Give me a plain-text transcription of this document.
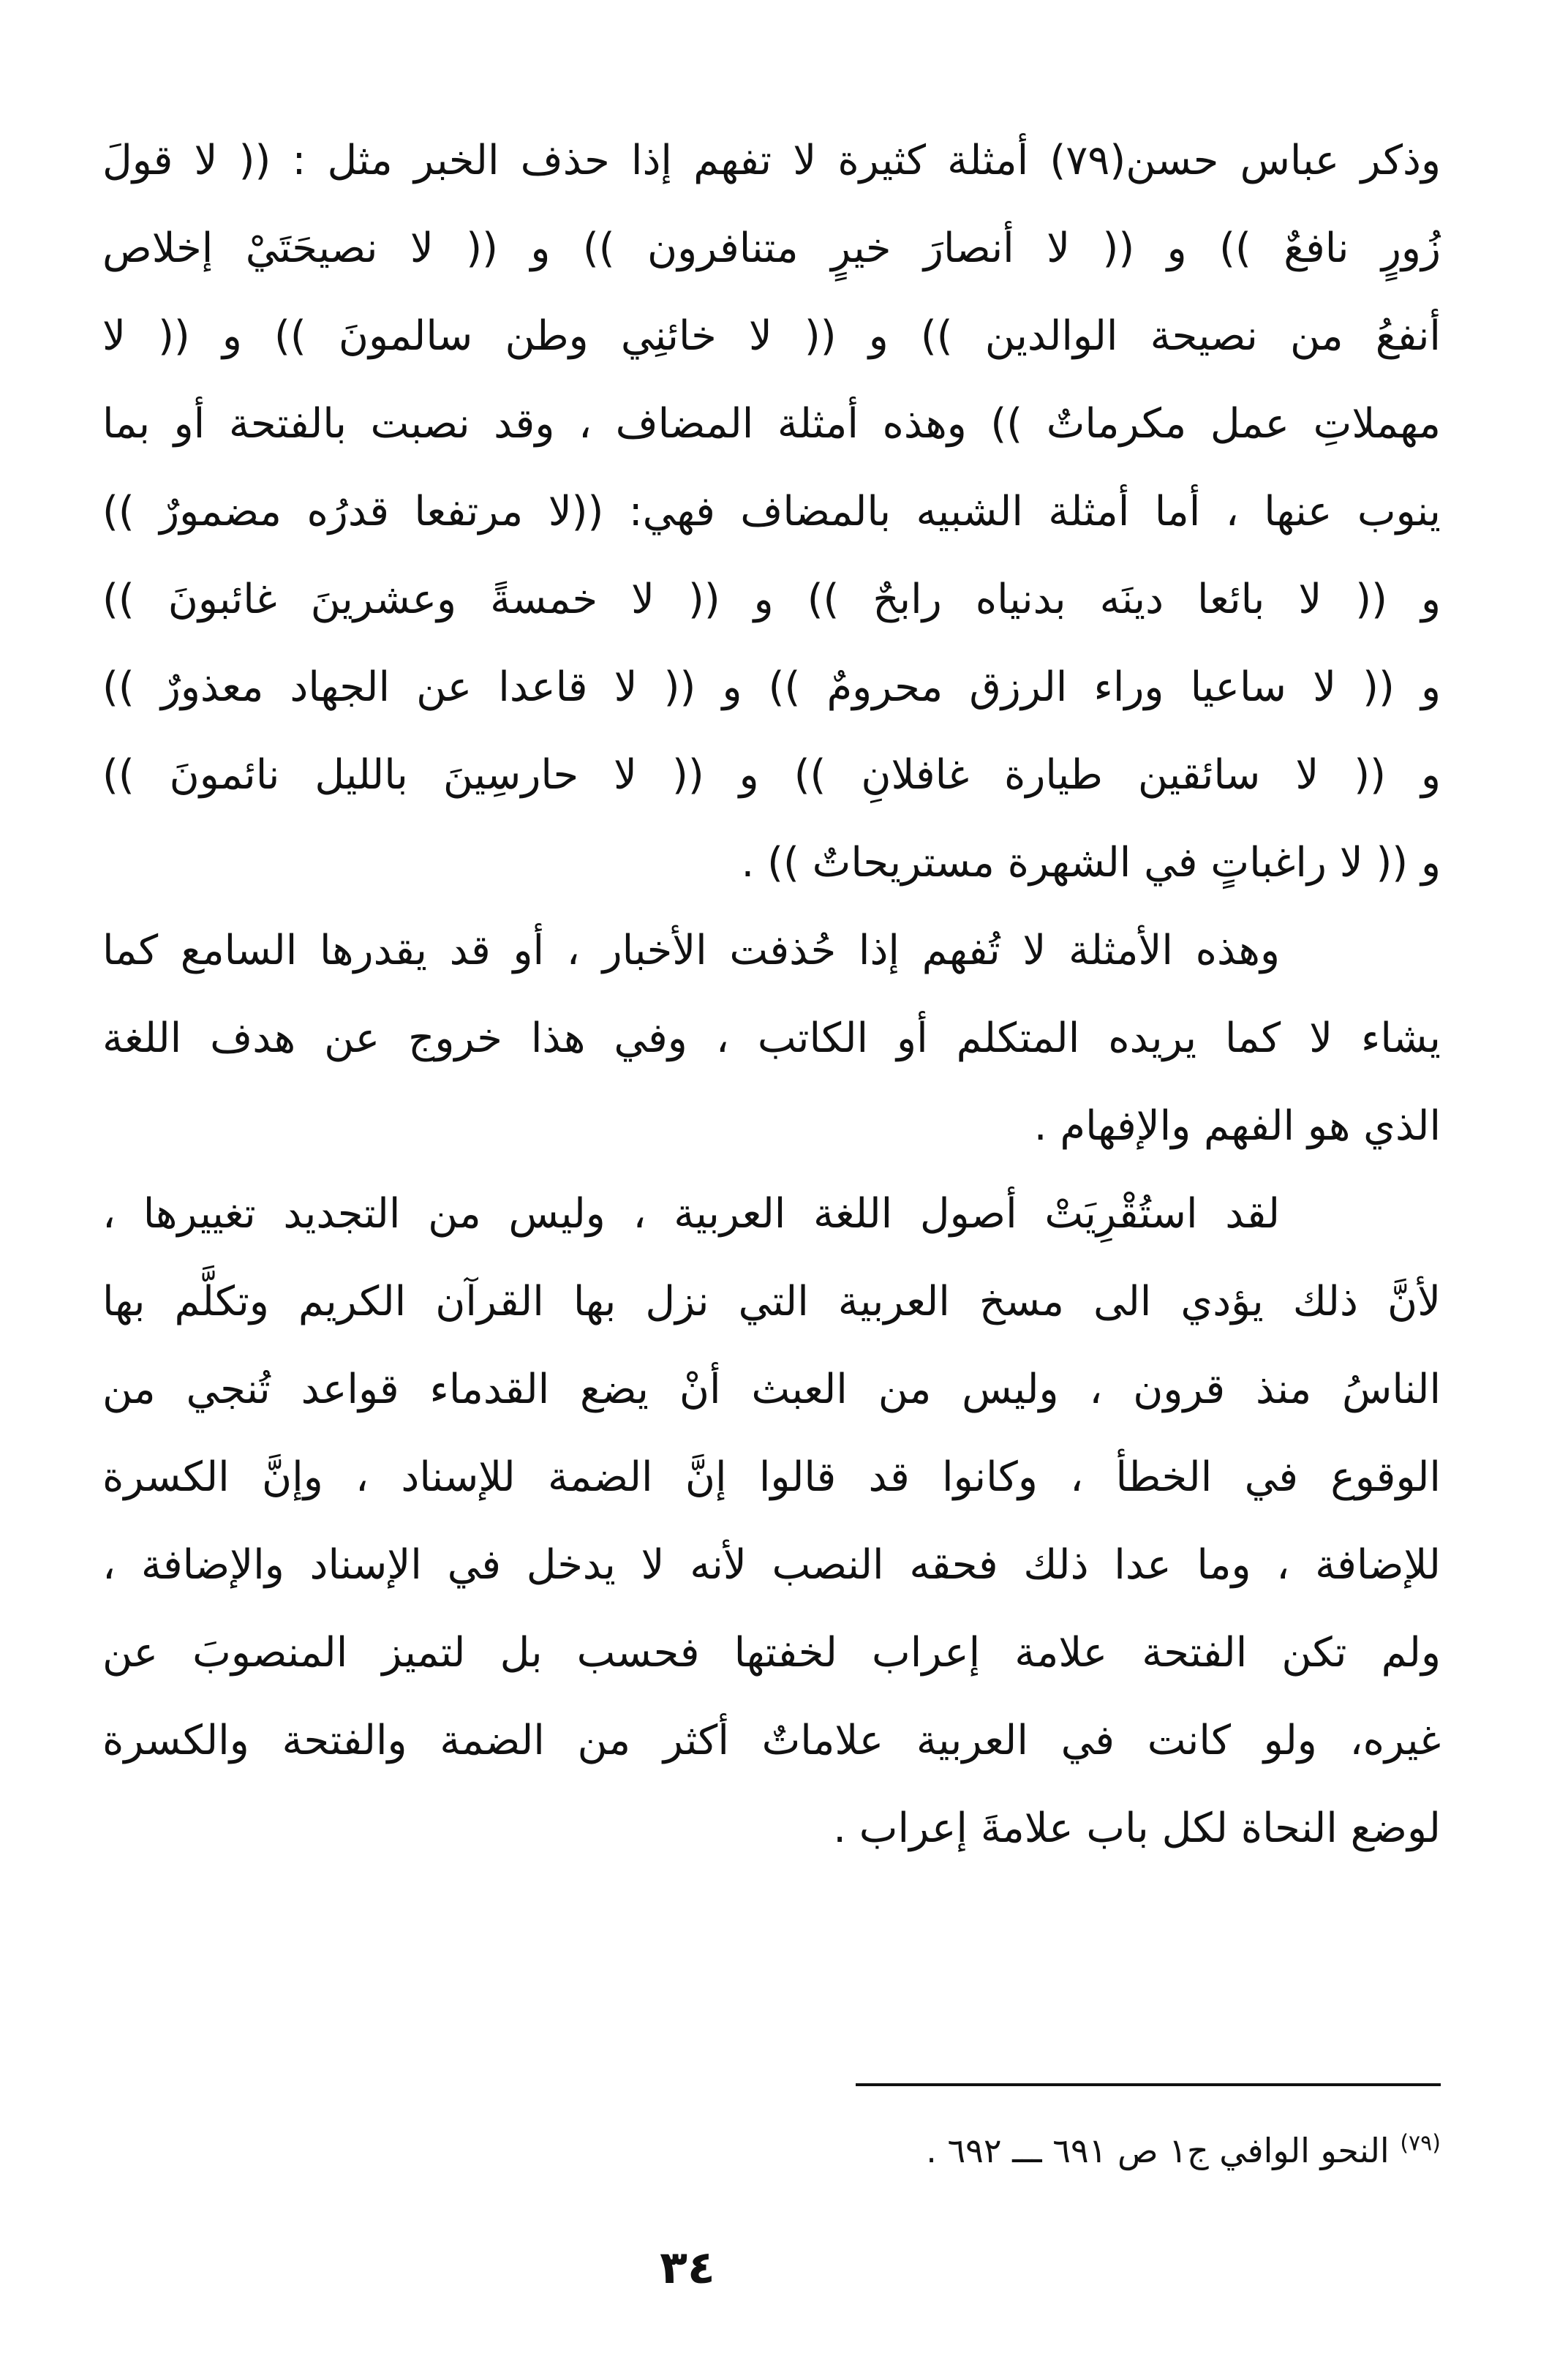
وذكر عباس حسن(٧٩) أمثلة كثيرة لا تفهم إذا حذف الخبر مثل : (( لا قولَ
زُورٍ نافعٌ )) و (( لا أنصارَ خيرٍ متنافرون )) و (( لا نصيحَتَيْ إخلاص
أنفعُ من نصيحة الوالدين )) و (( لا خائنِي وطن سالمونَ )) و (( لا
مهملاتِ عمل مكرماتٌ )) وهذه أمثلة المضاف ، وقد نصبت بالفتحة أو بما
ينوب عنها ، أما أمثلة الشبيه بالمضاف فهي: ((لا مرتفعا قدرُه مضمورٌ ))
و (( لا بائعا دينَه بدنياه رابحٌ )) و (( لا خمسةً وعشرينَ غائبونَ ))
و (( لا ساعيا وراء الرزق محرومٌ )) و (( لا قاعدا عن الجهاد معذورٌ ))
و (( لا سائقين طيارة غافلانِ )) و (( لا حارسِينَ بالليل نائمونَ ))
و (( لا راغباتٍ في الشهرة مستريحاتٌ )) .
وهذه الأمثلة لا تُفهم إذا حُذفت الأخبار ، أو قد يقدرها السامع كما
يشاء لا كما يريده المتكلم أو الكاتب ، وفي هذا خروج عن هدف اللغة
الذي هو الفهم والإفهام .
لقد استُقْرِيَتْ أصول اللغة العربية ، وليس من التجديد تغييرها ،
لأنَّ ذلك يؤدي الى مسخ العربية التي نزل بها القرآن الكريم وتكلَّم بها
الناسُ منذ قرون ، وليس من العبث أنْ يضع القدماء قواعد تُنجي من
الوقوع في الخطأ ، وكانوا قد قالوا إنَّ الضمة للإسناد ، وإنَّ الكسرة
للإضافة ، وما عدا ذلك فحقه النصب لأنه لا يدخل في الإسناد والإضافة ،
ولم تكن الفتحة علامة إعراب لخفتها فحسب بل لتميز المنصوبَ عن
غيره، ولو كانت في العربية علاماتٌ أكثر من الضمة والفتحة والكسرة
لوضع النحاة لكل باب علامةَ إعراب .
$^{(٧٩)}$ النحو الوافي ج١ ص ٦٩١ ـــ ٦٩٢ .
٣٤
